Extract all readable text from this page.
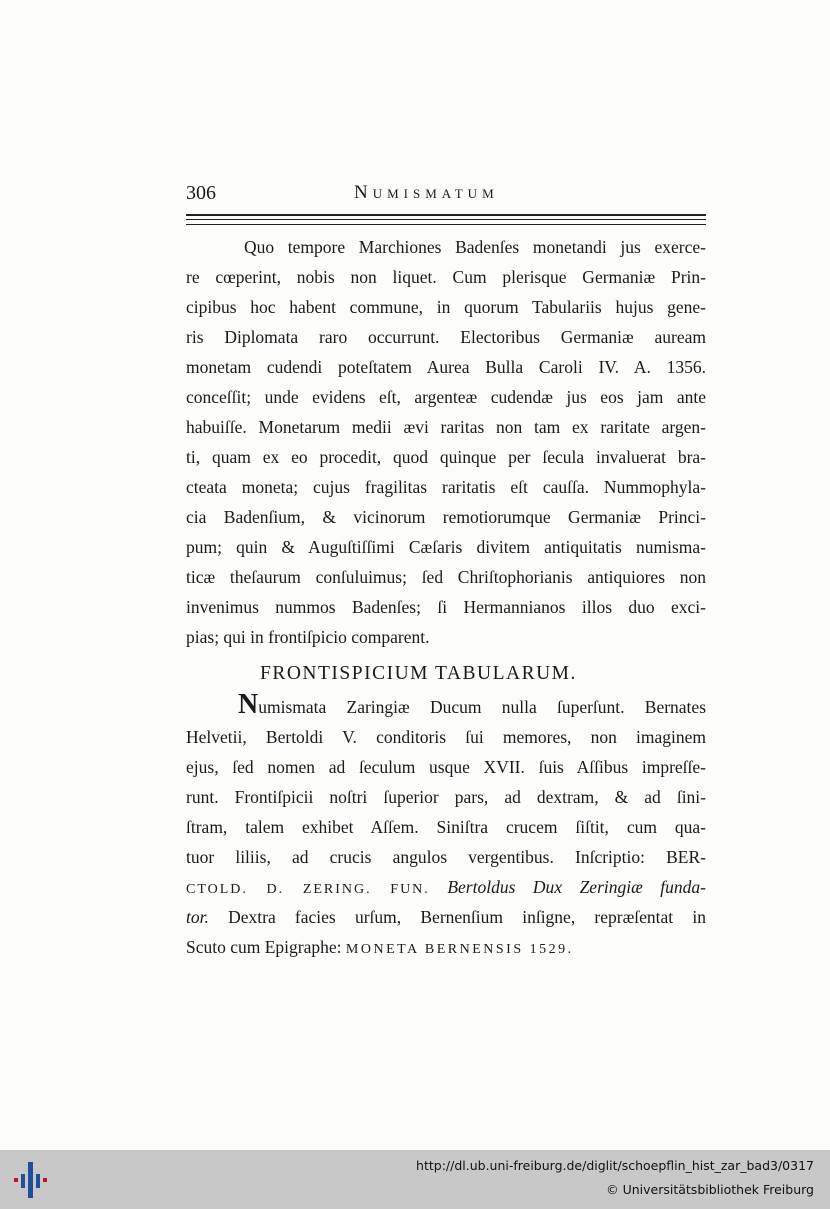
306	Numismatum
Quo tempore Marchiones Badenſes monetandi jus exerce-
re cœperint, nobis non liquet. Cum plerisque Germaniæ Prin-
cipibus hoc habent commune, in quorum Tabulariis hujus gene-
ris Diplomata raro occurrunt. Electoribus Germaniæ auream
monetam cudendi poteſtatem Aurea Bulla Caroli IV. A. 1356.
conceſſit; unde evidens eſt, argenteæ cudendæ jus eos jam ante
habuiſſe. Monetarum medii ævi raritas non tam ex raritate argen-
ti, quam ex eo procedit, quod quinque per ſecula invaluerat bra-
cteata moneta; cujus fragilitas raritatis eſt cauſſa. Nummophyla-
cia Badenſium, & vicinorum remotiorumque Germaniæ Princi-
pum; quin & Auguſtiſſimi Cæſaris divitem antiquitatis numisma-
ticæ theſaurum conſuluimus; ſed Chriſtophorianis antiquiores non
invenimus nummos Badenſes; ſi Hermannianos illos duo exci-
pias; qui in frontiſpicio comparent.
FRONTISPICIUM TABULARUM.
Numismata Zaringiæ Ducum nulla ſuperſunt. Bernates
Helvetii, Bertoldi V. conditoris ſui memores, non imaginem
ejus, ſed nomen ad ſeculum usque XVII. ſuis Aſſibus impreſſe-
runt. Frontiſpicii noſtri ſuperior pars, ad dextram, & ad ſini-
ſtram, talem exhibet Aſſem. Siniſtra crucem ſiſtit, cum qua-
tuor liliis, ad crucis angulos vergentibus. Inſcriptio: BER-
CTOLD. D. ZERING. FUN. Bertoldus Dux Zeringiæ funda-
tor. Dextra facies urſum, Bernenſium inſigne, repræſentat in
Scuto cum Epigraphe: MONETA BERNENSIS 1529.
http://dl.ub.uni-freiburg.de/diglit/schoepflin_hist_zar_bad3/0317
© Universitätsbibliothek Freiburg
